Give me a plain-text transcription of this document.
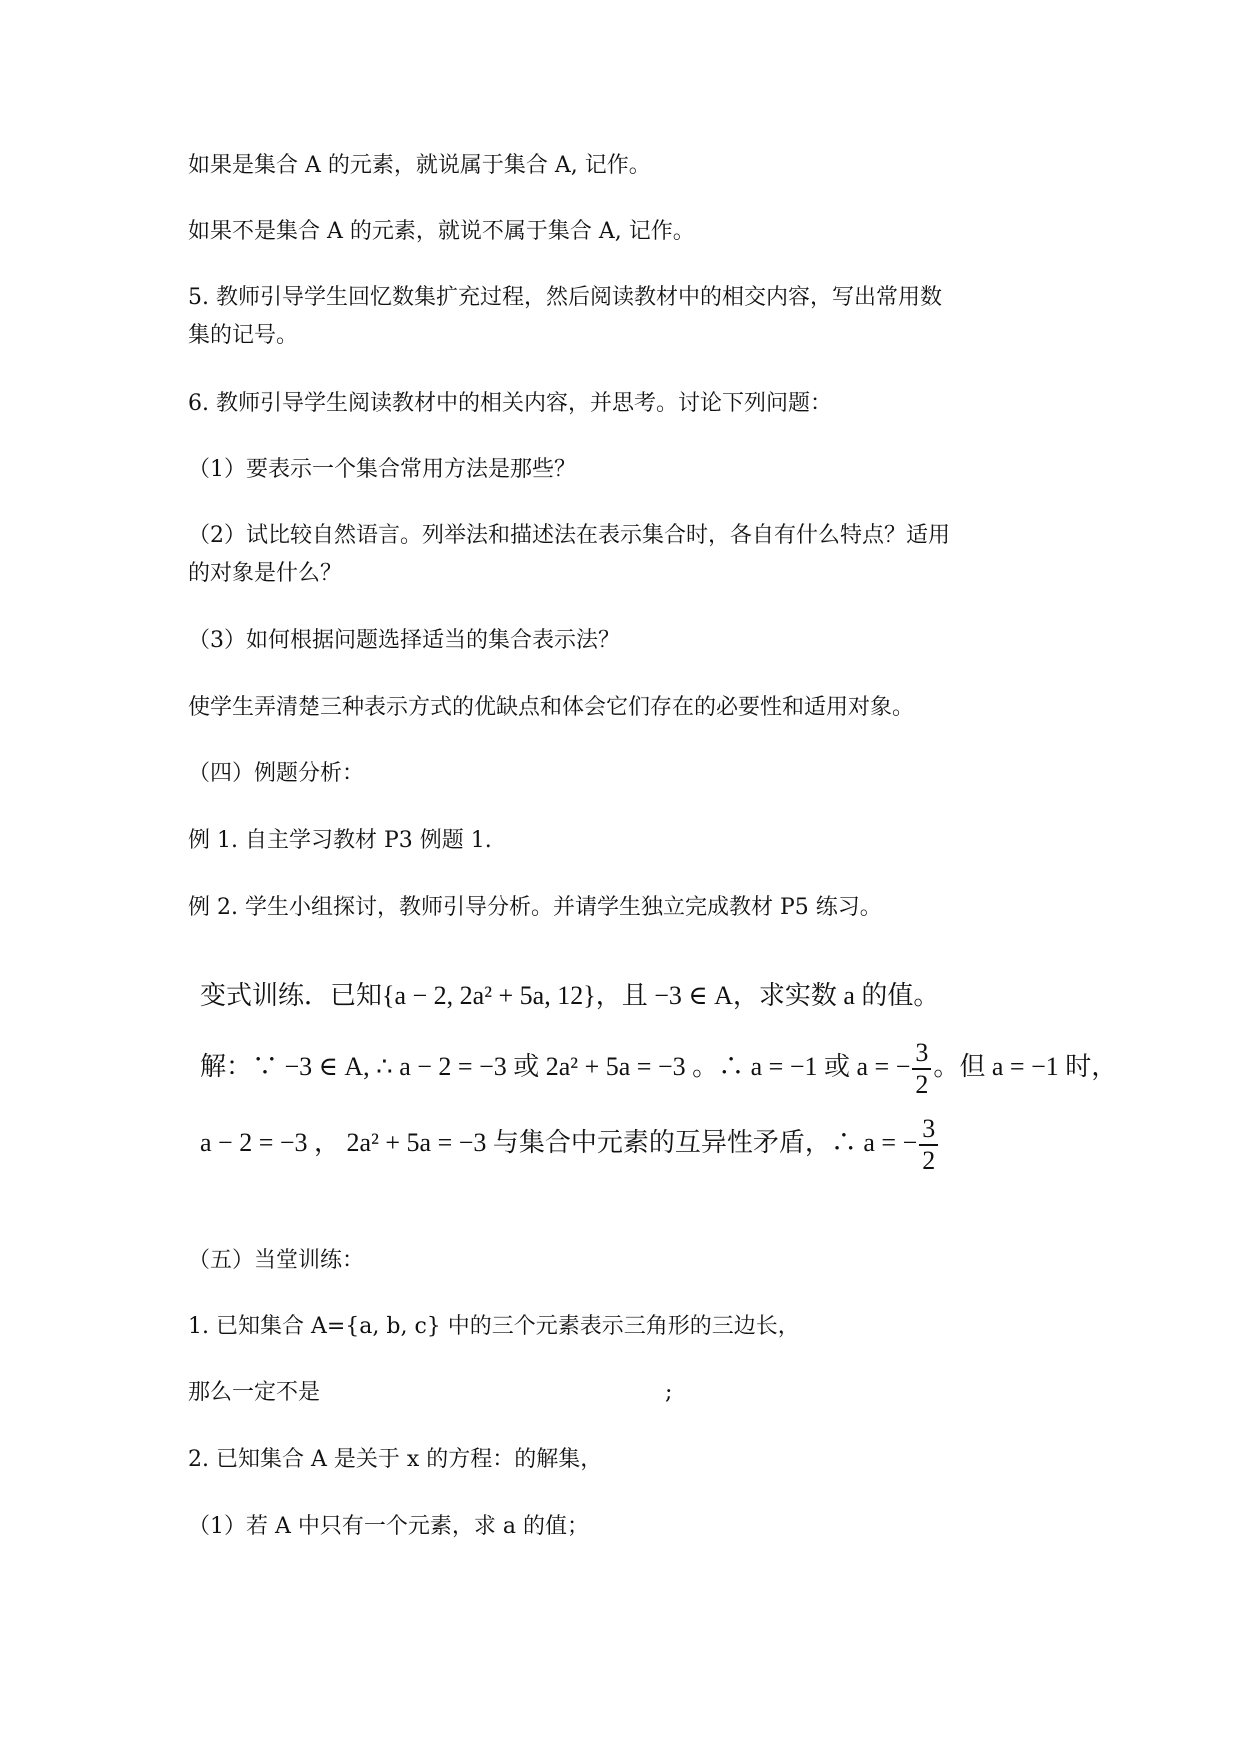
如果是集合 A 的元素，就说属于集合 A, 记作。
如果不是集合 A 的元素，就说不属于集合 A, 记作。
5. 教师引导学生回忆数集扩充过程，然后阅读教材中的相交内容，写出常用数
集的记号。
6. 教师引导学生阅读教材中的相关内容，并思考。讨论下列问题：
（1）要表示一个集合常用方法是那些？
（2）试比较自然语言。列举法和描述法在表示集合时，各自有什么特点？适用
的对象是什么？
（3）如何根据问题选择适当的集合表示法？
使学生弄清楚三种表示方式的优缺点和体会它们存在的必要性和适用对象。
（四）例题分析：
例 1. 自主学习教材 P3 例题 1.
例 2. 学生小组探讨，教师引导分析。并请学生独立完成教材 P5 练习。
变式训练．已知{a − 2, 2a² + 5a, 12}，且 −3 ∈ A，求实数 a 的值。
解：∵ −3 ∈ A, ∴ a − 2 = −3 或 2a² + 5a = −3 。∴ a = −1 或 a = − $\frac{3}{2}$ 。但 a = −1 时，
a − 2 = −3 ， 2a² + 5a = −3 与集合中元素的互异性矛盾，∴ a = − $\frac{3}{2}$
（五）当堂训练：
1. 已知集合 A={a, b, c} 中的三个元素表示三角形的三边长，
那么一定不是	;
2. 已知集合 A 是关于 x 的方程：的解集，
（1）若 A 中只有一个元素，求 a 的值；
